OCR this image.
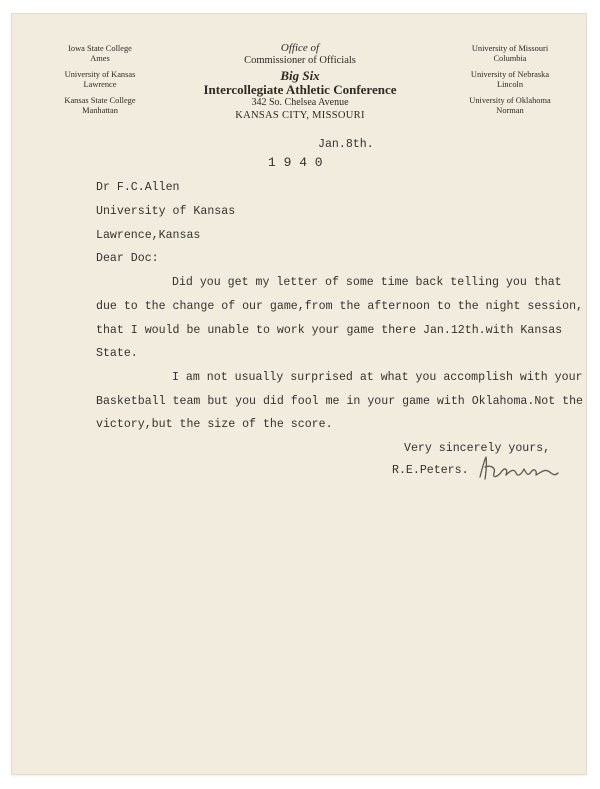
Iowa State College
Ames
University of Kansas
Lawrence
Kansas State College
Manhattan
Office of
Commissioner of Officials
Big Six
Intercollegiate Athletic Conference
342 So. Chelsea Avenue
KANSAS CITY, MISSOURI
University of Missouri
Columbia
University of Nebraska
Lincoln
University of Oklahoma
Norman
Jan.8th.
1 9 4 0
Dr F.C.Allen
University of Kansas
Lawrence,Kansas
Dear Doc:
Did you get my letter of some time back telling you that
due to the change of our game,from the afternoon to the night session,
that I would be unable to work your game there Jan.12th.with Kansas
State.
I am not usually surprised at what you accomplish with your
Basketball team but you did fool me in your game with Oklahoma.Not the
victory,but the size of the score.
Very sincerely yours,
R.E.Peters.
